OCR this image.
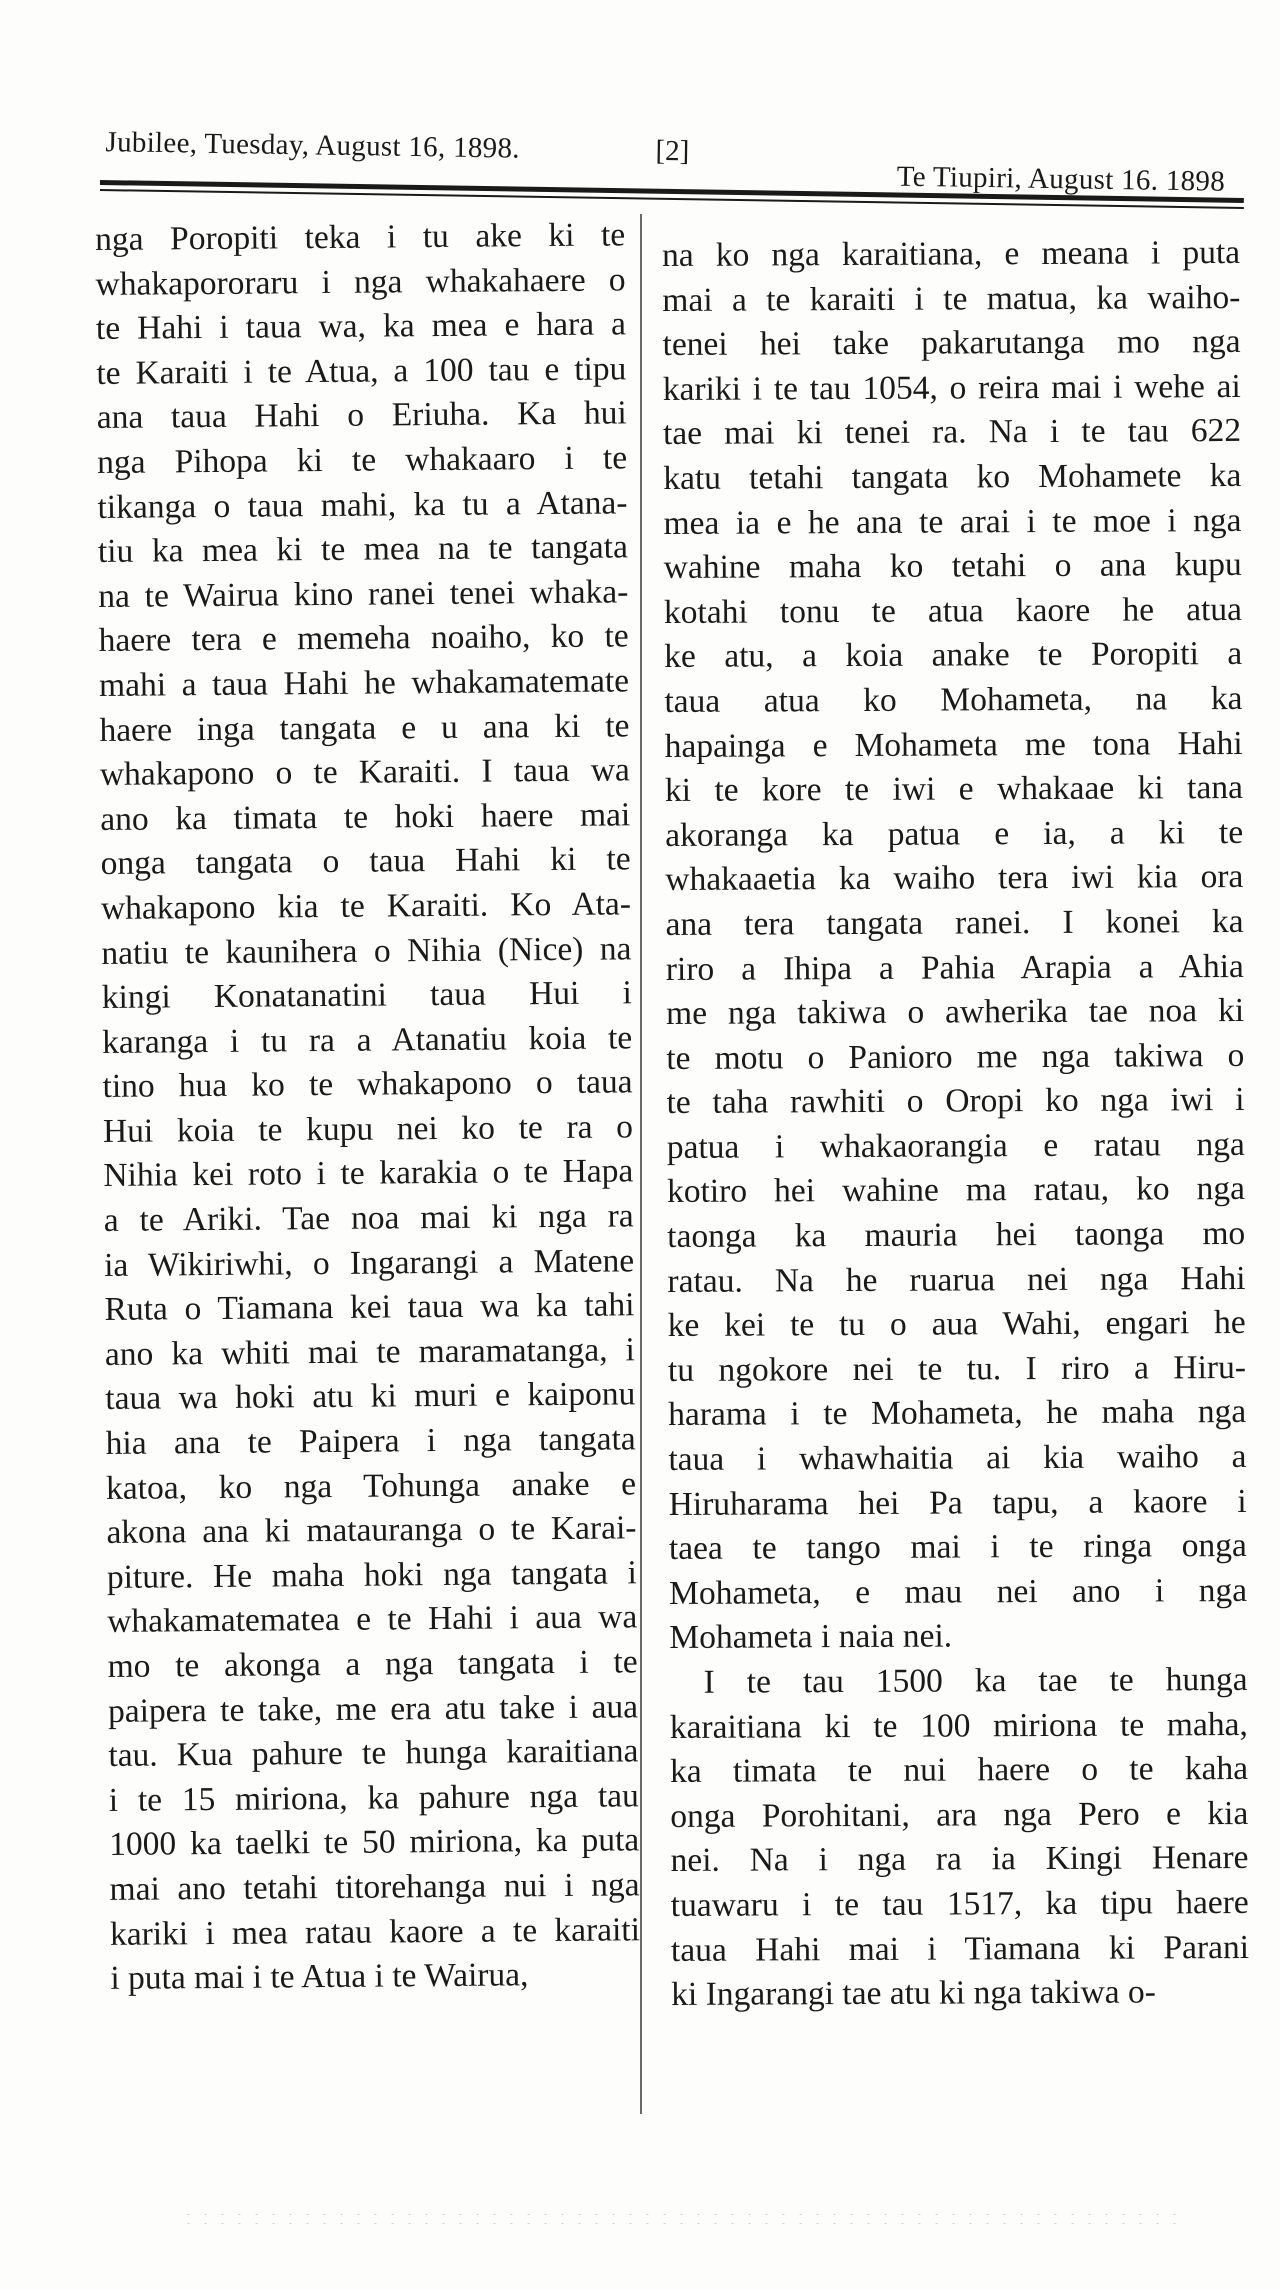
Jubilee, Tuesday, August 16, 1898.	[2]
Te Tiupiri, August 16. 1898
nga Poropiti teka i tu ake ki te
whakapororaru i nga whakahaere o
te Hahi i taua wa, ka mea e hara a
te Karaiti i te Atua, a 100 tau e tipu
ana taua Hahi o Eriuha. Ka hui
nga Pihopa ki te whakaaro i te
tikanga o taua mahi, ka tu a Atana-
tiu ka mea ki te mea na te tangata
na te Wairua kino ranei tenei whaka-
haere tera e memeha noaiho, ko te
mahi a taua Hahi he whakamatemate
haere inga tangata e u ana ki te
whakapono o te Karaiti. I taua wa
ano ka timata te hoki haere mai
onga tangata o taua Hahi ki te
whakapono kia te Karaiti. Ko Ata-
natiu te kaunihera o Nihia (Nice) na
kingi Konatanatini taua Hui i
karanga i tu ra a Atanatiu koia te
tino hua ko te whakapono o taua
Hui koia te kupu nei ko te ra o
Nihia kei roto i te karakia o te Hapa
a te Ariki. Tae noa mai ki nga ra
ia Wikiriwhi, o Ingarangi a Matene
Ruta o Tiamana kei taua wa ka tahi
ano ka whiti mai te maramatanga, i
taua wa hoki atu ki muri e kaiponu
hia ana te Paipera i nga tangata
katoa, ko nga Tohunga anake e
akona ana ki matauranga o te Karai-
piture. He maha hoki nga tangata i
whakamatematea e te Hahi i aua wa
mo te akonga a nga tangata i te
paipera te take, me era atu take i aua
tau. Kua pahure te hunga karaitiana
i te 15 miriona, ka pahure nga tau
1000 ka taelki te 50 miriona, ka puta
mai ano tetahi titorehanga nui i nga
kariki i mea ratau kaore a te karaiti
i puta mai i te Atua i te Wairua,
na ko nga karaitiana, e meana i puta
mai a te karaiti i te matua, ka waiho-
tenei hei take pakarutanga mo nga
kariki i te tau 1054, o reira mai i wehe ai
tae mai ki tenei ra. Na i te tau 622
katu tetahi tangata ko Mohamete ka
mea ia e he ana te arai i te moe i nga
wahine maha ko tetahi o ana kupu
kotahi tonu te atua kaore he atua
ke atu, a koia anake te Poropiti a
taua atua ko Mohameta, na ka
hapainga e Mohameta me tona Hahi
ki te kore te iwi e whakaae ki tana
akoranga ka patua e ia, a ki te
whakaaetia ka waiho tera iwi kia ora
ana tera tangata ranei. I konei ka
riro a Ihipa a Pahia Arapia a Ahia
me nga takiwa o awherika tae noa ki
te motu o Panioro me nga takiwa o
te taha rawhiti o Oropi ko nga iwi i
patua i whakaorangia e ratau nga
kotiro hei wahine ma ratau, ko nga
taonga ka mauria hei taonga mo
ratau. Na he ruarua nei nga Hahi
ke kei te tu o aua Wahi, engari he
tu ngokore nei te tu. I riro a Hiru-
harama i te Mohameta, he maha nga
taua i whawhaitia ai kia waiho a
Hiruharama hei Pa tapu, a kaore i
taea te tango mai i te ringa onga
Mohameta, e mau nei ano i nga
Mohameta i naia nei.
I te tau 1500 ka tae te hunga
karaitiana ki te 100 miriona te maha,
ka timata te nui haere o te kaha
onga Porohitani, ara nga Pero e kia
nei. Na i nga ra ia Kingi Henare
tuawaru i te tau 1517, ka tipu haere
taua Hahi mai i Tiamana ki Parani
ki Ingarangi tae atu ki nga takiwa o-
